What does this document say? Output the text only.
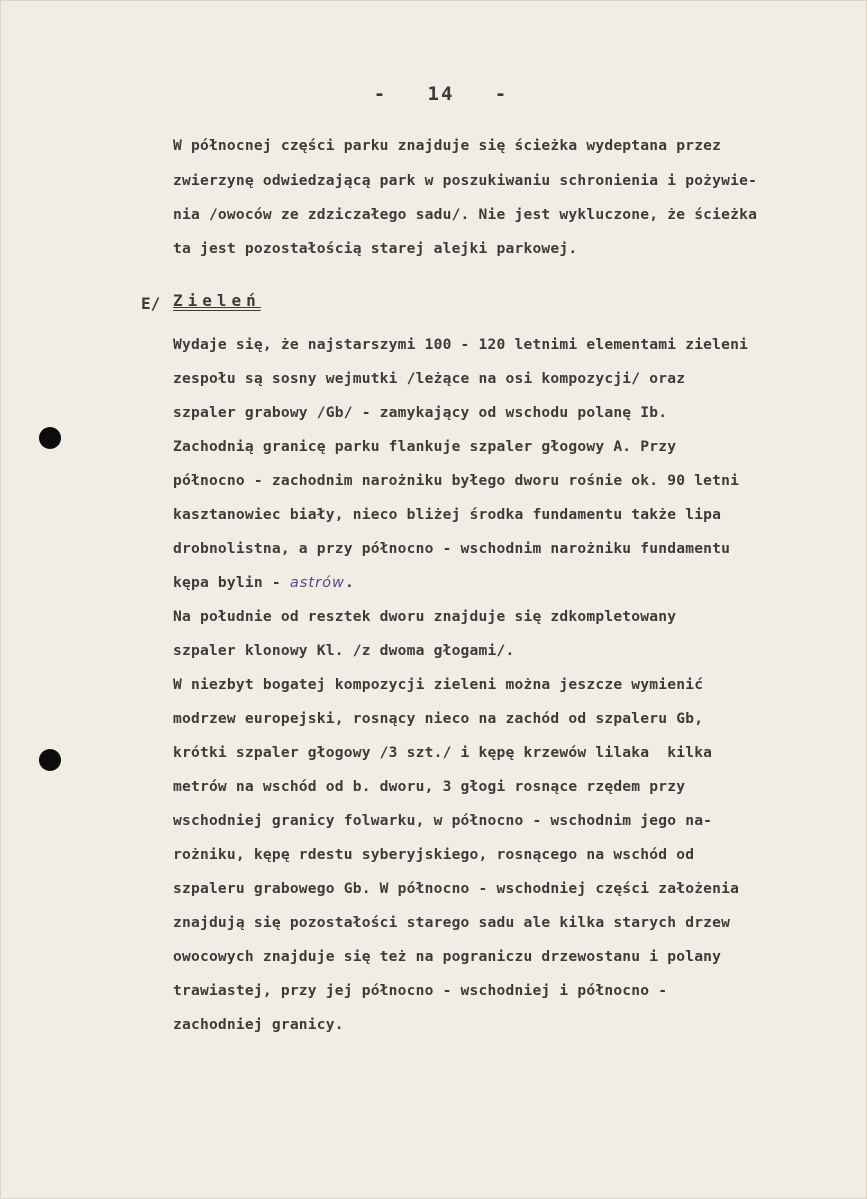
-   14   -
W północnej części parku znajduje się ścieżka wydeptana przez
zwierzynę odwiedzającą park w poszukiwaniu schronienia i pożywie-
nia /owoców ze zdziczałego sadu/. Nie jest wykluczone, że ścieżka
ta jest pozostałością starej alejki parkowej.
E/ Zieleń
Wydaje się, że najstarszymi 100 - 120 letnimi elementami zieleni
zespołu są sosny wejmutki /leżące na osi kompozycji/ oraz
szpaler grabowy /Gb/ - zamykający od wschodu polanę Ib.
Zachodnią granicę parku flankuje szpaler głogowy A. Przy
północno - zachodnim narożniku byłego dworu rośnie ok. 90 letni
kasztanowiec biały, nieco bliżej środka fundamentu także lipa
drobnolistna, a przy północno - wschodnim narożniku fundamentu
kępa bylin - astrów.
Na południe od resztek dworu znajduje się zdkompletowany
szpaler klonowy Kl. /z dwoma głogami/.
W niezbyt bogatej kompozycji zieleni można jeszcze wymienić
modrzew europejski, rosnący nieco na zachód od szpaleru Gb,
krótki szpaler głogowy /3 szt./ i kępę krzewów lilaka  kilka
metrów na wschód od b. dworu, 3 głogi rosnące rzędem przy
wschodniej granicy folwarku, w północno - wschodnim jego na-
rożniku, kępę rdestu syberyjskiego, rosnącego na wschód od
szpaleru grabowego Gb. W północno - wschodniej części założenia
znajdują się pozostałości starego sadu ale kilka starych drzew
owocowych znajduje się też na pograniczu drzewostanu i polany
trawiastej, przy jej północno - wschodniej i północno -
zachodniej granicy.
